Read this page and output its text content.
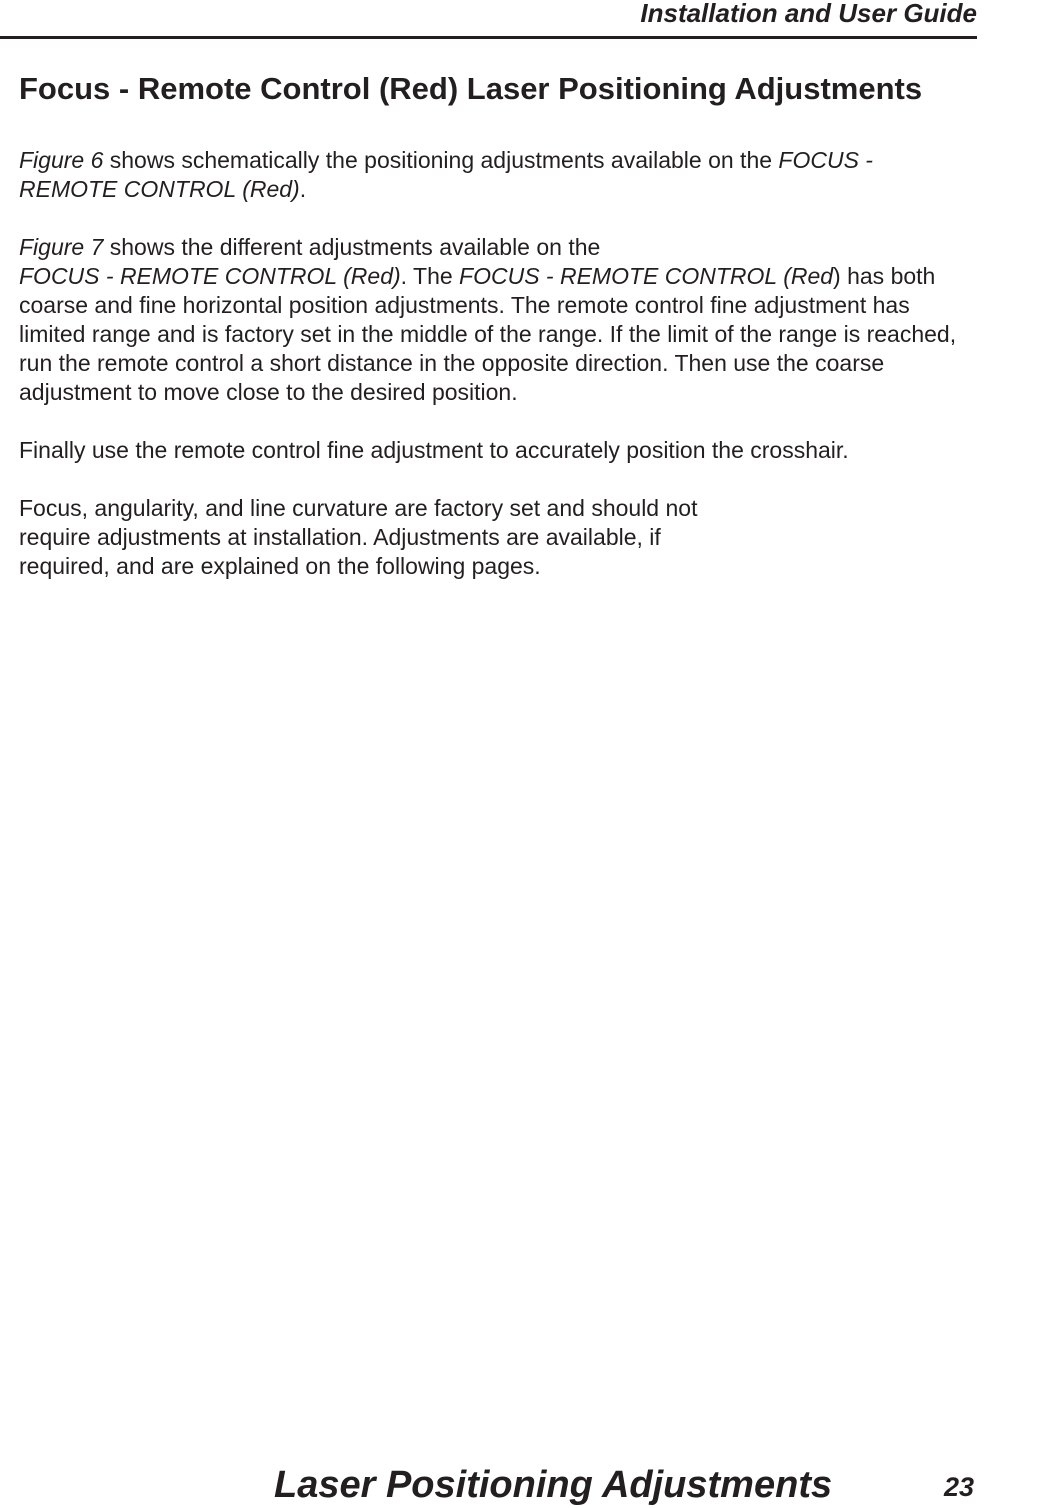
Installation and User Guide
Focus - Remote Control (Red) Laser Positioning Adjustments

Figure 6 shows schematically the positioning adjustments available on the FOCUS -
REMOTE CONTROL (Red).

Figure 7 shows the different adjustments available on the
FOCUS - REMOTE CONTROL (Red). The FOCUS - REMOTE CONTROL (Red) has both
coarse and fine horizontal position adjustments. The remote control fine adjustment has
limited range and is factory set in the middle of the range. If the limit of the range is reached,
run the remote control a short distance in the opposite direction. Then use the coarse
adjustment to move close to the desired position.

Finally use the remote control fine adjustment to accurately position the crosshair.

Focus, angularity, and line curvature are factory set and should not
require adjustments at installation. Adjustments are available, if
required, and are explained on the following pages.

Laser Positioning Adjustments	23
